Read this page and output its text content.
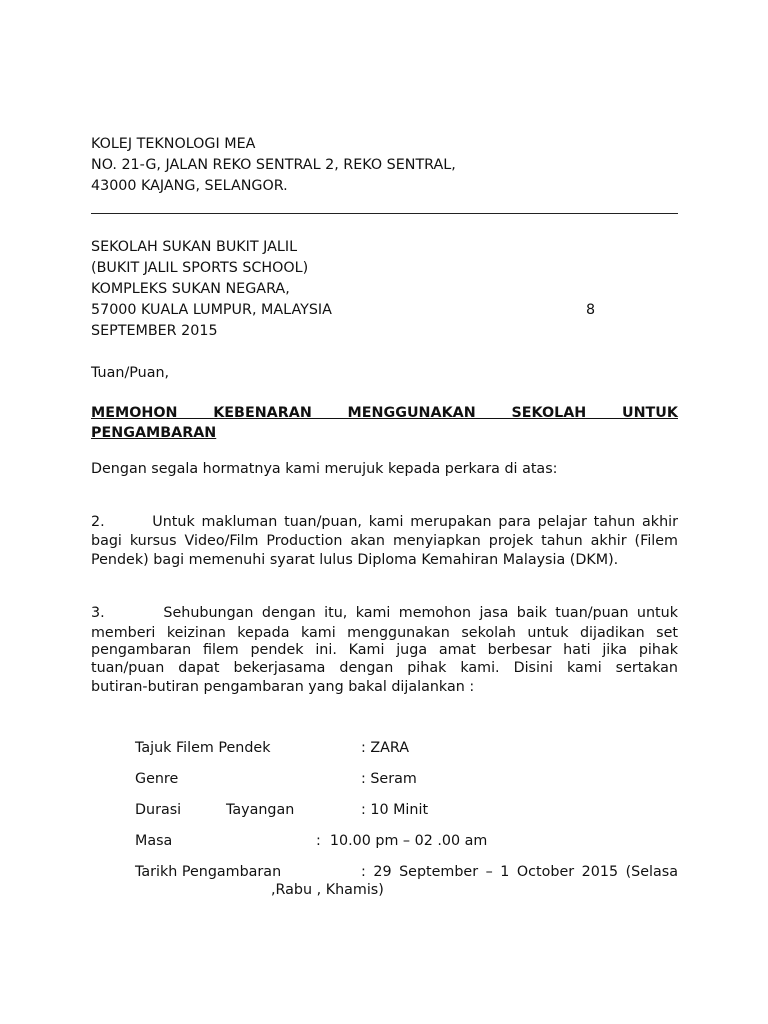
KOLEJ TEKNOLOGI MEA
NO. 21-G, JALAN REKO SENTRAL 2, REKO SENTRAL,
43000 KAJANG, SELANGOR.
SEKOLAH SUKAN BUKIT JALIL
(BUKIT JALIL SPORTS SCHOOL)
KOMPLEKS SUKAN NEGARA,
57000 KUALA LUMPUR, MALAYSIA	8
SEPTEMBER 2015
Tuan/Puan,
MEMOHON KEBENARAN MENGGUNAKAN SEKOLAH UNTUK
PENGAMBARAN
Dengan segala hormatnya kami merujuk kepada perkara di atas:
2.       Untuk makluman tuan/puan, kami merupakan para pelajar tahun akhir
bagi kursus Video/Film Production akan menyiapkan projek tahun akhir (Filem
Pendek) bagi memenuhi syarat lulus Diploma Kemahiran Malaysia (DKM).
3.       Sehubungan dengan itu, kami memohon jasa baik tuan/puan untuk
memberi keizinan kepada kami menggunakan sekolah untuk dijadikan set
pengambaran filem pendek ini. Kami juga amat berbesar hati jika pihak
tuan/puan dapat bekerjasama dengan pihak kami. Disini kami sertakan
butiran-butiran pengambaran yang bakal dijalankan :
Tajuk Filem Pendek	: ZARA
Genre	: Seram
Durasi	Tayangan	: 10 Minit
Masa	:  10.00 pm – 02 .00 am
Tarikh Pengambaran	: 29 September – 1 October 2015 (Selasa
,Rabu , Khamis)
